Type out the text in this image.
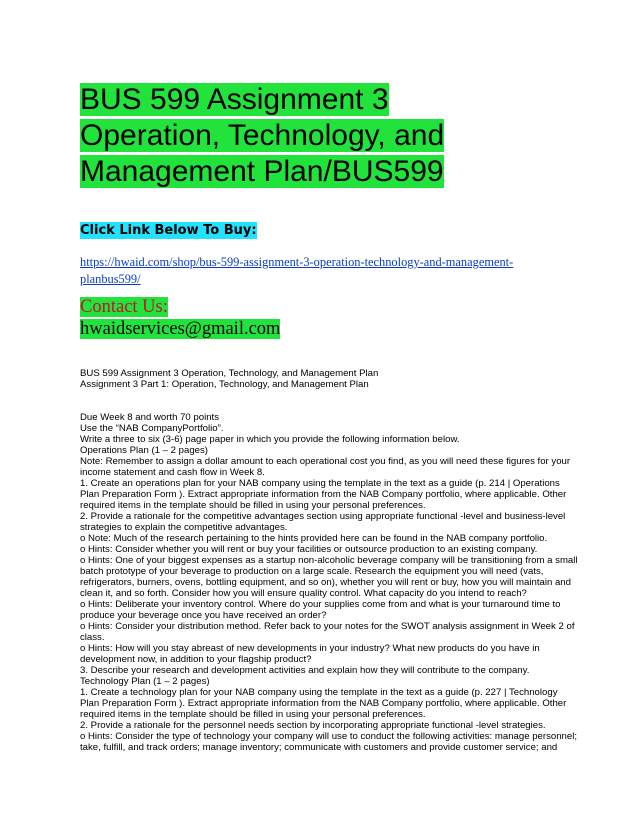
BUS 599 Assignment 3
Operation, Technology, and
Management Plan/BUS599
Click Link Below To Buy:
https://hwaid.com/shop/bus-599-assignment-3-operation-technology-and-management-
planbus599/
Contact Us:
hwaidservices@gmail.com
BUS 599 Assignment 3 Operation, Technology, and Management Plan
Assignment 3 Part 1: Operation, Technology, and Management Plan
Due Week 8 and worth 70 points
Use the “NAB CompanyPortfolio”.
Write a three to six (3-6) page paper in which you provide the following information below.
Operations Plan (1 – 2 pages)
Note: Remember to assign a dollar amount to each operational cost you find, as you will need these figures for your
income statement and cash flow in Week 8.
1. Create an operations plan for your NAB company using the template in the text as a guide (p. 214 | Operations
Plan Preparation Form ). Extract appropriate information from the NAB Company portfolio, where applicable. Other
required items in the template should be filled in using your personal preferences.
2. Provide a rationale for the competitive advantages section using appropriate functional -level and business-level
strategies to explain the competitive advantages.
o Note: Much of the research pertaining to the hints provided here can be found in the NAB company portfolio.
o Hints: Consider whether you will rent or buy your facilities or outsource production to an existing company.
o Hints: One of your biggest expenses as a startup non-alcoholic beverage company will be transitioning from a small
batch prototype of your beverage to production on a large scale. Research the equipment you will need (vats,
refrigerators, burners, ovens, bottling equipment, and so on), whether you will rent or buy, how you will maintain and
clean it, and so forth. Consider how you will ensure quality control. What capacity do you intend to reach?
o Hints: Deliberate your inventory control. Where do your supplies come from and what is your turnaround time to
produce your beverage once you have received an order?
o Hints: Consider your distribution method. Refer back to your notes for the SWOT analysis assignment in Week 2 of
class.
o Hints: How will you stay abreast of new developments in your industry? What new products do you have in
development now, in addition to your flagship product?
3. Describe your research and development activities and explain how they will contribute to the company.
Technology Plan (1 – 2 pages)
1. Create a technology plan for your NAB company using the template in the text as a guide (p. 227 | Technology
Plan Preparation Form ). Extract appropriate information from the NAB Company portfolio, where applicable. Other
required items in the template should be filled in using your personal preferences.
2. Provide a rationale for the personnel needs section by incorporating appropriate functional -level strategies.
o Hints: Consider the type of technology your company will use to conduct the following activities: manage personnel;
take, fulfill, and track orders; manage inventory; communicate with customers and provide customer service; and
